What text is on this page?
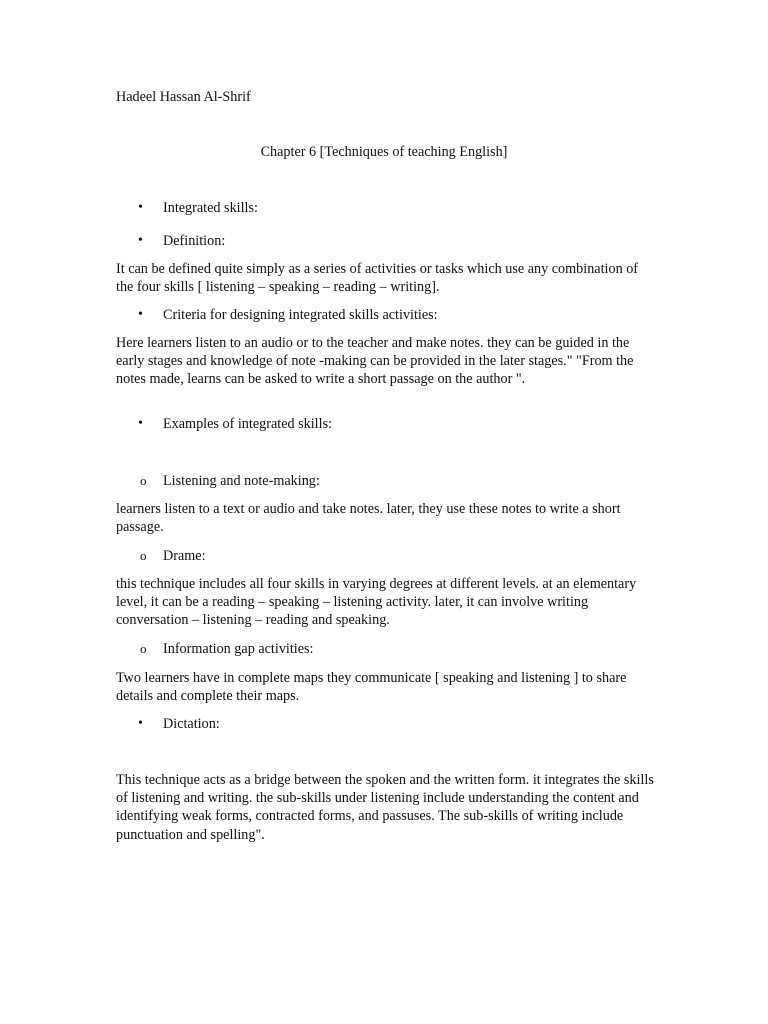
Hadeel Hassan Al-Shrif

Chapter 6 [Techniques of teaching English]

• Integrated skills:
• Definition:

It can be defined quite simply as a series of activities or tasks which use any combination of the four skills [ listening – speaking – reading – writing].

• Criteria for designing integrated skills activities:

Here learners listen to an audio or to the teacher and make notes. they can be guided in the early stages and knowledge of note -making can be provided in the later stages." "From the notes made, learns can be asked to write a short passage on the author ".

• Examples of integrated skills:
o Listening and note-making:

learners listen to a text or audio and take notes. later, they use these notes to write a short passage.

o Drame:

this technique includes all four skills in varying degrees at different levels. at an elementary level, it can be a reading – speaking – listening activity. later, it can involve writing conversation – listening – reading and speaking.

o Information gap activities:

Two learners have in complete maps they communicate [ speaking and listening ] to share details and complete their maps.

• Dictation:

This technique acts as a bridge between the spoken and the written form. it integrates the skills of listening and writing. the sub-skills under listening include understanding the content and identifying weak forms, contracted forms, and passuses. The sub-skills of writing include punctuation and spelling".
